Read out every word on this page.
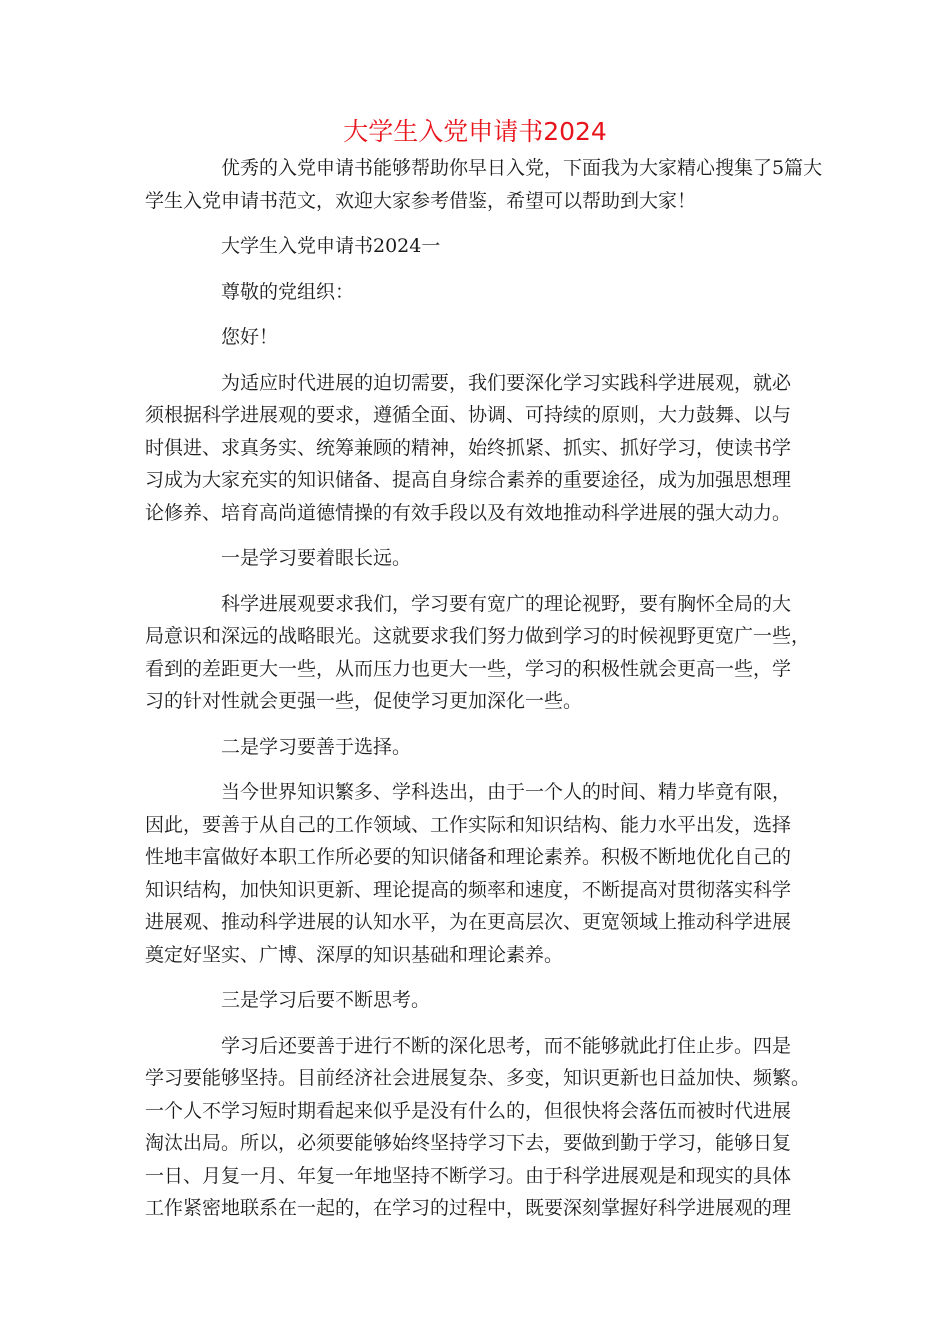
大学生入党申请书2024
优秀的入党申请书能够帮助你早日入党，下面我为大家精心搜集了5篇大
学生入党申请书范文，欢迎大家参考借鉴，希望可以帮助到大家！
大学生入党申请书2024一
尊敬的党组织：
您好！
为适应时代进展的迫切需要，我们要深化学习实践科学进展观，就必
须根据科学进展观的要求，遵循全面、协调、可持续的原则，大力鼓舞、以与
时俱进、求真务实、统筹兼顾的精神，始终抓紧、抓实、抓好学习，使读书学
习成为大家充实的知识储备、提高自身综合素养的重要途径，成为加强思想理
论修养、培育高尚道德情操的有效手段以及有效地推动科学进展的强大动力。
一是学习要着眼长远。
科学进展观要求我们，学习要有宽广的理论视野，要有胸怀全局的大
局意识和深远的战略眼光。这就要求我们努力做到学习的时候视野更宽广一些，
看到的差距更大一些，从而压力也更大一些，学习的积极性就会更高一些，学
习的针对性就会更强一些，促使学习更加深化一些。
二是学习要善于选择。
当今世界知识繁多、学科迭出，由于一个人的时间、精力毕竟有限，
因此，要善于从自己的工作领域、工作实际和知识结构、能力水平出发，选择
性地丰富做好本职工作所必要的知识储备和理论素养。积极不断地优化自己的
知识结构，加快知识更新、理论提高的频率和速度，不断提高对贯彻落实科学
进展观、推动科学进展的认知水平，为在更高层次、更宽领域上推动科学进展
奠定好坚实、广博、深厚的知识基础和理论素养。
三是学习后要不断思考。
学习后还要善于进行不断的深化思考，而不能够就此打住止步。四是
学习要能够坚持。目前经济社会进展复杂、多变，知识更新也日益加快、频繁。
一个人不学习短时期看起来似乎是没有什么的，但很快将会落伍而被时代进展
淘汰出局。所以，必须要能够始终坚持学习下去，要做到勤于学习，能够日复
一日、月复一月、年复一年地坚持不断学习。由于科学进展观是和现实的具体
工作紧密地联系在一起的，在学习的过程中，既要深刻掌握好科学进展观的理
